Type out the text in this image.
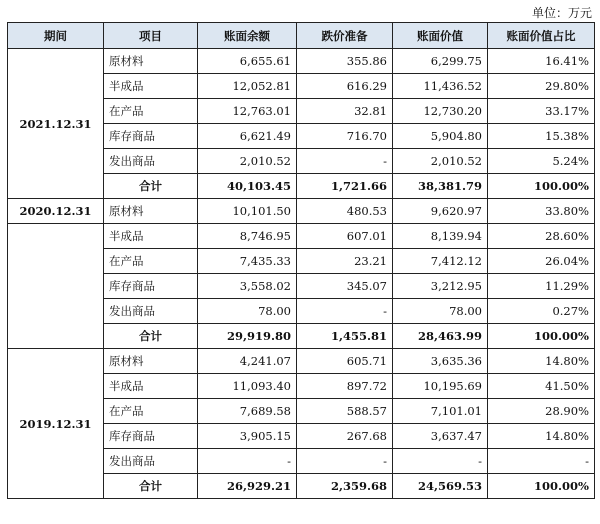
单位：万元
期间	项目	账面余额	跌价准备	账面价值	账面价值占比
2021.12.31	原材料	6,655.61	355.86	6,299.75	16.41%
	半成品	12,052.81	616.29	11,436.52	29.80%
	在产品	12,763.01	32.81	12,730.20	33.17%
	库存商品	6,621.49	716.70	5,904.80	15.38%
	发出商品	2,010.52	-	2,010.52	5.24%
	合计	40,103.45	1,721.66	38,381.79	100.00%
2020.12.31	原材料	10,101.50	480.53	9,620.97	33.80%
	半成品	8,746.95	607.01	8,139.94	28.60%
	在产品	7,435.33	23.21	7,412.12	26.04%
	库存商品	3,558.02	345.07	3,212.95	11.29%
	发出商品	78.00	-	78.00	0.27%
	合计	29,919.80	1,455.81	28,463.99	100.00%
2019.12.31	原材料	4,241.07	605.71	3,635.36	14.80%
	半成品	11,093.40	897.72	10,195.69	41.50%
	在产品	7,689.58	588.57	7,101.01	28.90%
	库存商品	3,905.15	267.68	3,637.47	14.80%
	发出商品	-	-	-	-
	合计	26,929.21	2,359.68	24,569.53	100.00%
